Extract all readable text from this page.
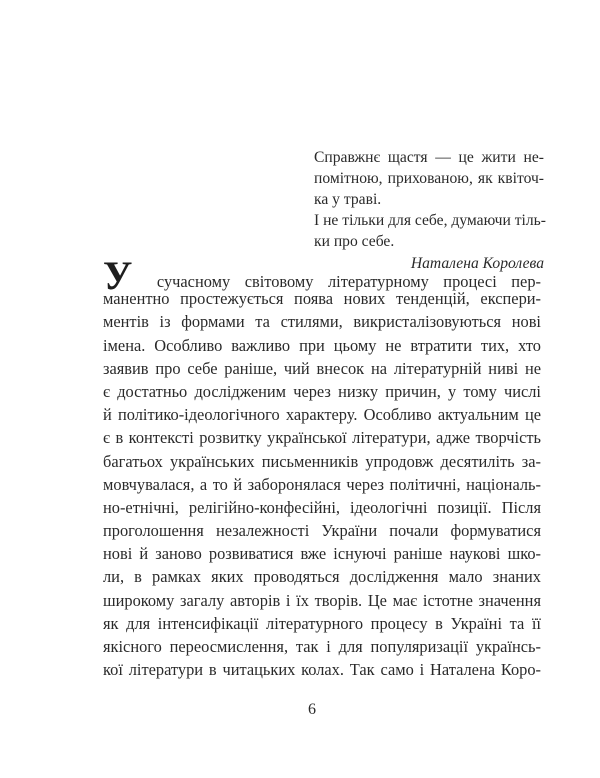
Справжнє щастя — це жити не-
помітною, прихованою, як квіточ-
ка у траві.
І не тільки для себе, думаючи тіль-
ки про себе.
Наталена Королева
У сучасному світовому літературному процесі пер-
манентно простежується поява нових тенденцій, експери-
ментів із формами та стилями, викристалізовуються нові
імена. Особливо важливо при цьому не втратити тих, хто
заявив про себе раніше, чий внесок на літературній ниві не
є достатньо дослідженим через низку причин, у тому числі
й політико-ідеологічного характеру. Особливо актуальним це
є в контексті розвитку української літератури, адже творчість
багатьох українських письменників упродовж десятиліть за-
мовчувалася, а то й заборонялася через політичні, національ-
но-етнічні, релігійно-конфесійні, ідеологічні позиції. Після
проголошення незалежності України почали формуватися
нові й заново розвиватися вже існуючі раніше наукові шко-
ли, в рамках яких проводяться дослідження мало знаних
широкому загалу авторів і їх творів. Це має істотне значення
як для інтенсифікації літературного процесу в Україні та її
якісного переосмислення, так і для популяризації українсь-
кої літератури в читацьких колах. Так само і Наталена Коро-
6
